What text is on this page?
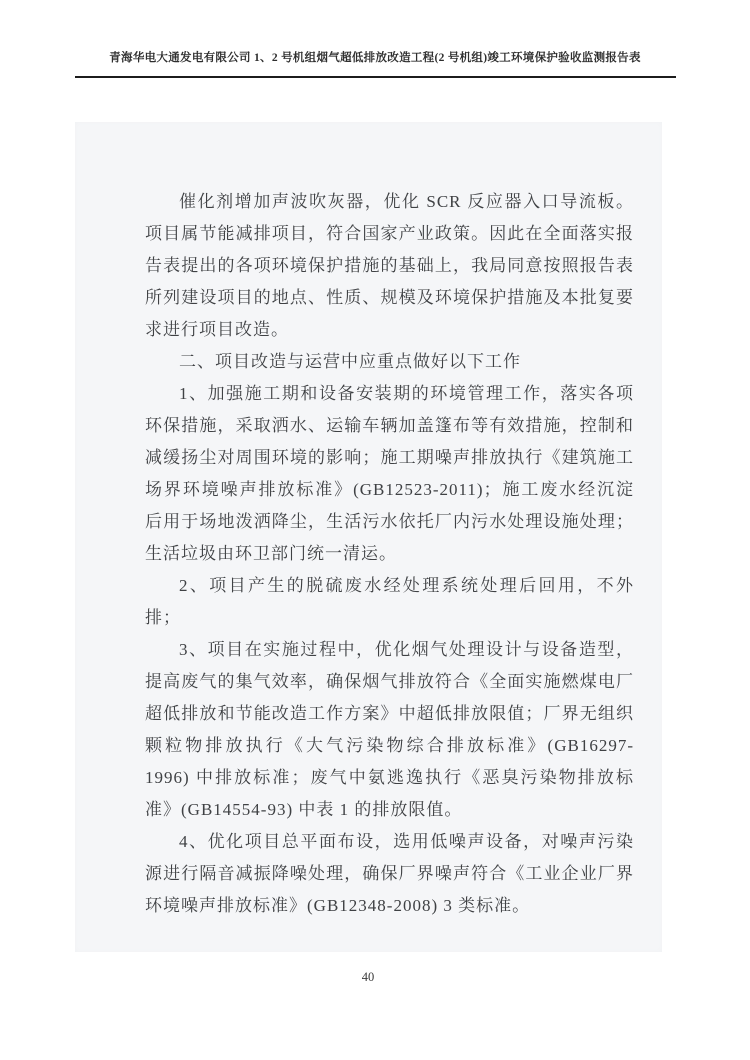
青海华电大通发电有限公司 1、2 号机组烟气超低排放改造工程(2 号机组)竣工环境保护验收监测报告表

催化剂增加声波吹灰器，优化 SCR 反应器入口导流板。项目属节能减排项目，符合国家产业政策。因此在全面落实报告表提出的各项环境保护措施的基础上，我局同意按照报告表所列建设项目的地点、性质、规模及环境保护措施及本批复要求进行项目改造。

二、项目改造与运营中应重点做好以下工作

1、加强施工期和设备安装期的环境管理工作，落实各项环保措施，采取洒水、运输车辆加盖篷布等有效措施，控制和减缓扬尘对周围环境的影响；施工期噪声排放执行《建筑施工场界环境噪声排放标准》(GB12523-2011)；施工废水经沉淀后用于场地泼洒降尘，生活污水依托厂内污水处理设施处理；生活垃圾由环卫部门统一清运。

2、项目产生的脱硫废水经处理系统处理后回用，不外排；

3、项目在实施过程中，优化烟气处理设计与设备造型，提高废气的集气效率，确保烟气排放符合《全面实施燃煤电厂超低排放和节能改造工作方案》中超低排放限值；厂界无组织颗粒物排放执行《大气污染物综合排放标准》(GB16297-1996) 中排放标准；废气中氨逃逸执行《恶臭污染物排放标准》(GB14554-93) 中表 1 的排放限值。

4、优化项目总平面布设，选用低噪声设备，对噪声污染源进行隔音减振降噪处理，确保厂界噪声符合《工业企业厂界环境噪声排放标准》(GB12348-2008) 3 类标准。

40
